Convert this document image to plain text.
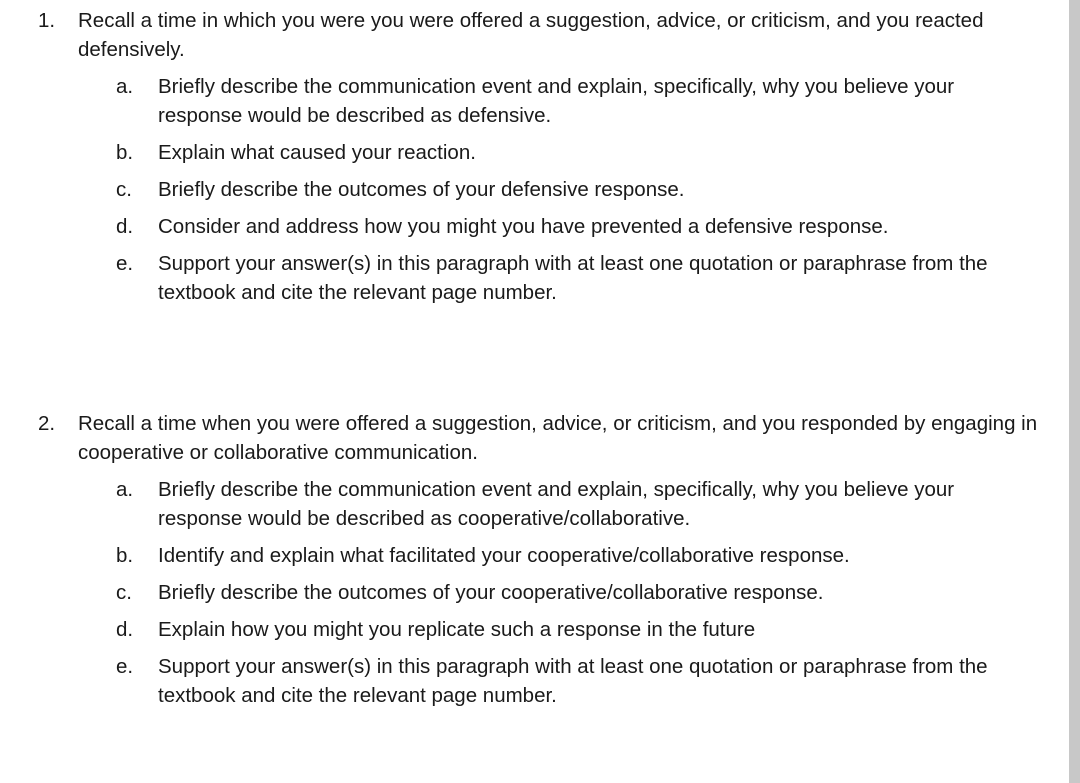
1.	Recall a time in which you were you were offered a suggestion, advice, or criticism, and you reacted defensively.
a.	Briefly describe the communication event and explain, specifically, why you believe your response would be described as defensive.
b.	Explain what caused your reaction.
c.	Briefly describe the outcomes of your defensive response.
d.	Consider and address how you might you have prevented a defensive response.
e.	Support your answer(s) in this paragraph with at least one quotation or paraphrase from the textbook and cite the relevant page number.
2.	Recall a time when you were offered a suggestion, advice, or criticism, and you responded by engaging in cooperative or collaborative communication.
a.	Briefly describe the communication event and explain, specifically, why you believe your response would be described as cooperative/collaborative.
b.	Identify and explain what facilitated your cooperative/collaborative response.
c.	Briefly describe the outcomes of your cooperative/collaborative response.
d.	Explain how you might you replicate such a response in the future
e.	Support your answer(s) in this paragraph with at least one quotation or paraphrase from the textbook and cite the relevant page number.
